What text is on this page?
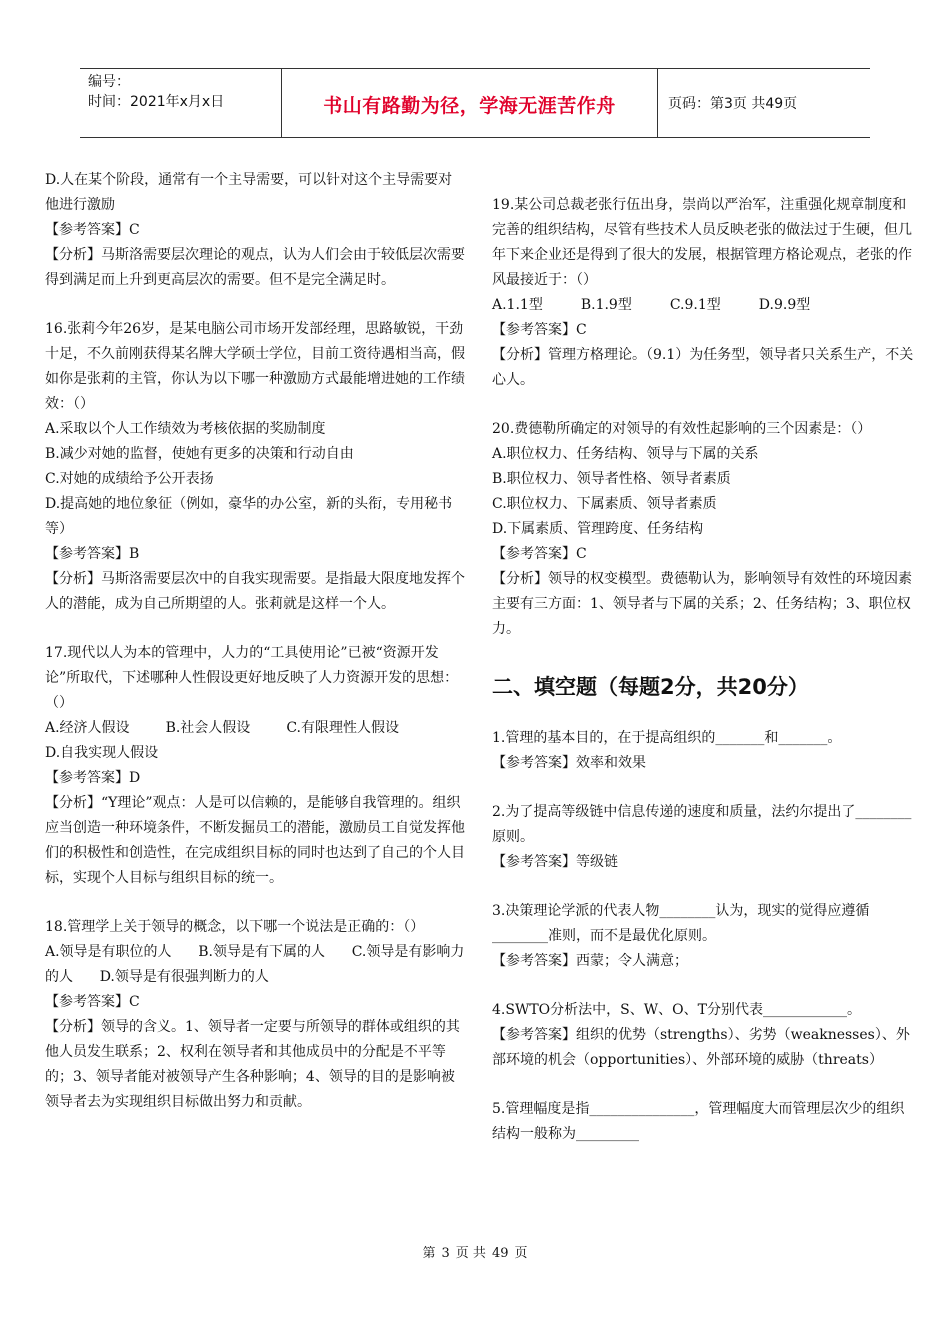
编号：
时间：2021年x月x日	书山有路勤为径，学海无涯苦作舟	页码：第3页 共49页

D.人在某个阶段，通常有一个主导需要，可以针对这个主导需要对他进行激励

【参考答案】C

【分析】马斯洛需要层次理论的观点，认为人们会由于较低层次需要得到满足而上升到更高层次的需要。但不是完全满足时。

16.张莉今年26岁，是某电脑公司市场开发部经理，思路敏锐，干劲十足，不久前刚获得某名牌大学硕士学位，目前工资待遇相当高，假如你是张莉的主管，你认为以下哪一种激励方式最能增进她的工作绩效：（）

A.采取以个人工作绩效为考核依据的奖励制度

B.减少对她的监督，使她有更多的决策和行动自由

C.对她的成绩给予公开表扬

D.提高她的地位象征（例如，豪华的办公室，新的头衔，专用秘书等）

【参考答案】B

【分析】马斯洛需要层次中的自我实现需要。是指最大限度地发挥个人的潜能，成为自己所期望的人。张莉就是这样一个人。

17.现代以人为本的管理中，人力的“工具使用论”已被“资源开发论”所取代，下述哪种人性假设更好地反映了人力资源开发的思想：（）

A.经济人假设	B.社会人假设	C.有限理性人假设

D.自我实现人假设

【参考答案】D

【分析】“Y理论”观点：人是可以信赖的，是能够自我管理的。组织应当创造一种环境条件，不断发掘员工的潜能，激励员工自觉发挥他们的积极性和创造性，在完成组织目标的同时也达到了自己的个人目标，实现个人目标与组织目标的统一。

18.管理学上关于领导的概念，以下哪一个说法是正确的：（）

A.领导是有职位的人 B.领导是有下属的人 C.领导是有影响力的人 D.领导是有很强判断力的人

【参考答案】C

【分析】领导的含义。1、领导者一定要与所领导的群体或组织的其他人员发生联系；2、权利在领导者和其他成员中的分配是不平等的；3、领导者能对被领导产生各种影响；4、领导的目的是影响被领导者去为实现组织目标做出努力和贡献。

19.某公司总裁老张行伍出身，崇尚以严治军，注重强化规章制度和完善的组织结构，尽管有些技术人员反映老张的做法过于生硬，但几年下来企业还是得到了很大的发展，根据管理方格论观点，老张的作风最接近于：（）

A.1.1型	B.1.9型	C.9.1型	D.9.9型

【参考答案】C

【分析】管理方格理论。（9.1）为任务型，领导者只关系生产，不关心人。

20.费德勒所确定的对领导的有效性起影响的三个因素是：（）

A.职位权力、任务结构、领导与下属的关系

B.职位权力、领导者性格、领导者素质

C.职位权力、下属素质、领导者素质

D.下属素质、管理跨度、任务结构

【参考答案】C

【分析】领导的权变模型。费德勒认为，影响领导有效性的环境因素主要有三方面：1、领导者与下属的关系；2、任务结构；3、职位权力。

二、填空题（每题2分，共20分）

1.管理的基本目的，在于提高组织的_______和_______。

【参考答案】效率和效果

2.为了提高等级链中信息传递的速度和质量，法约尔提出了________原则。

【参考答案】等级链

3.决策理论学派的代表人物________认为，现实的觉得应遵循________准则，而不是最优化原则。

【参考答案】西蒙；令人满意；

4.SWTO分析法中，S、W、O、T分别代表____________。

【参考答案】组织的优势（strengths）、劣势（weaknesses）、外部环境的机会（opportunities）、外部环境的威胁（threats）

5.管理幅度是指_______________，管理幅度大而管理层次少的组织结构一般称为_________

第 3 页 共 49 页
